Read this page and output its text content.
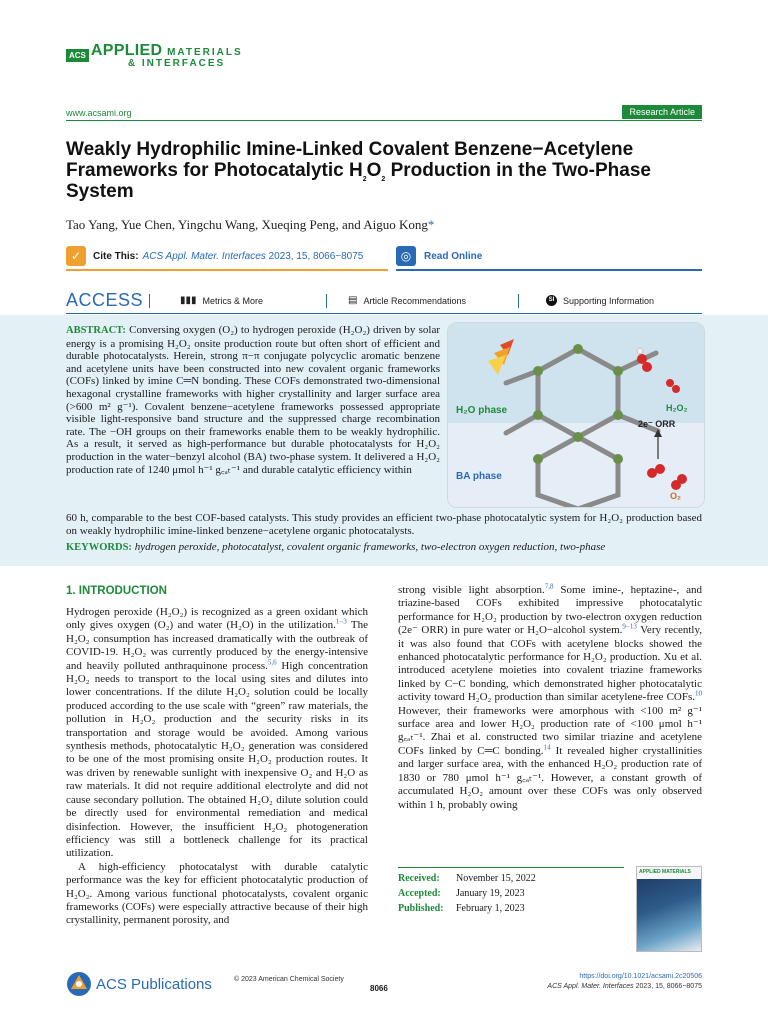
ACS APPLIED MATERIALS
& INTERFACES
www.acsami.org	Research Article
Weakly Hydrophilic Imine-Linked Covalent Benzene−Acetylene Frameworks for Photocatalytic $H_2O_2$ Production in the Two-Phase System
Tao Yang, Yue Chen, Yingchu Wang, Xueqing Peng, and Aiguo Kong*
✓	Cite This: ACS Appl. Mater. Interfaces 2023, 15, 8066−8075	◎	Read Online
ACCESS	▮▮▮ Metrics & More	▤ Article Recommendations	SI Supporting Information
ABSTRACT: Conversing oxygen (O₂) to hydrogen peroxide (H₂O₂) driven by solar energy is a promising H₂O₂ onsite production route but often short of efficient and durable photocatalysts. Herein, strong π−π conjugate polycyclic aromatic benzene and acetylene units have been constructed into new covalent organic frameworks (COFs) linked by imine C═N bonding. These COFs demonstrated two-dimensional hexagonal crystalline frameworks with higher crystallinity and larger surface area (>600 m² g⁻¹). Covalent benzene−acetylene frameworks possessed appropriate visible light-responsive band structure and the suppressed charge recombination rate. The −OH groups on their frameworks enable them to be weakly hydrophilic. As a result, it served as high-performance but durable photocatalysts for H₂O₂ production in the water−benzyl alcohol (BA) two-phase system. It delivered a H₂O₂ production rate of 1240 μmol h⁻¹ g꜀ₐₜ⁻¹ and durable catalytic efficiency within
60 h, comparable to the best COF-based catalysts. This study provides an efficient two-phase photocatalytic system for H₂O₂ production based on weakly hydrophilic imine-linked benzene−acetylene organic photocatalysts.
KEYWORDS: hydrogen peroxide, photocatalyst, covalent organic frameworks, two-electron oxygen reduction, two-phase
H₂O phase
BA phase
2e⁻ ORR
H₂O₂
O₂
1. INTRODUCTION

Hydrogen peroxide (H₂O₂) is recognized as a green oxidant which only gives oxygen (O₂) and water (H₂O) in the utilization.$^{1-3}$ The H₂O₂ consumption has increased dramatically with the outbreak of COVID-19. H₂O₂ was currently produced by the energy-intensive and heavily polluted anthraquinone process.$^{5,6}$ High concentration H₂O₂ needs to transport to the local using sites and dilutes into lower concentrations. If the dilute H₂O₂ solution could be locally produced according to the use scale with “green” raw materials, the pollution in H₂O₂ production and the security risks in its transportation and storage would be avoided. Among various synthesis methods, photocatalytic H₂O₂ generation was considered to be one of the most promising onsite H₂O₂ production routes. It was driven by renewable sunlight with inexpensive O₂ and H₂O as raw materials. It did not require additional electrolyte and did not cause secondary pollution. The obtained H₂O₂ dilute solution could be directly used for environmental remediation and medical disinfection. However, the insufficient H₂O₂ photogeneration efficiency was still a bottleneck challenge for its practical utilization.

A high-efficiency photocatalyst with durable catalytic performance was the key for efficient photocatalytic production of H₂O₂. Among various functional photocatalysts, covalent organic frameworks (COFs) were especially attractive because of their high crystallinity, permanent porosity, and

strong visible light absorption.$^{7,8}$ Some imine-, heptazine-, and triazine-based COFs exhibited impressive photocatalytic performance for H₂O₂ production by two-electron oxygen reduction (2e⁻ ORR) in pure water or H₂O−alcohol system.$^{9-13}$ Very recently, it was also found that COFs with acetylene blocks showed the enhanced photocatalytic performance for H₂O₂ production. Xu et al. introduced acetylene moieties into covalent triazine frameworks linked by C−C bonding, which demonstrated higher photocatalytic activity toward H₂O₂ production than similar acetylene-free COFs.$^{10}$ However, their frameworks were amorphous with <100 m² g⁻¹ surface area and lower H₂O₂ production rate of <100 μmol h⁻¹ g꜀ₐₜ⁻¹. Zhai et al. constructed two similar triazine and acetylene COFs linked by C═C bonding.$^{14}$ It revealed higher crystallinities and larger surface area, with the enhanced H₂O₂ production rate of 1830 or 780 μmol h⁻¹ g꜀ₐₜ⁻¹. However, a constant growth of accumulated H₂O₂ amount over these COFs was only observed within 1 h, probably owing

Received: November 15, 2022
Accepted: January 19, 2023
Published: February 1, 2023
APPLIED MATERIALS
ACS Publications	© 2023 American Chemical Society
8066
https://doi.org/10.1021/acsami.2c20506
ACS Appl. Mater. Interfaces 2023, 15, 8066−8075
